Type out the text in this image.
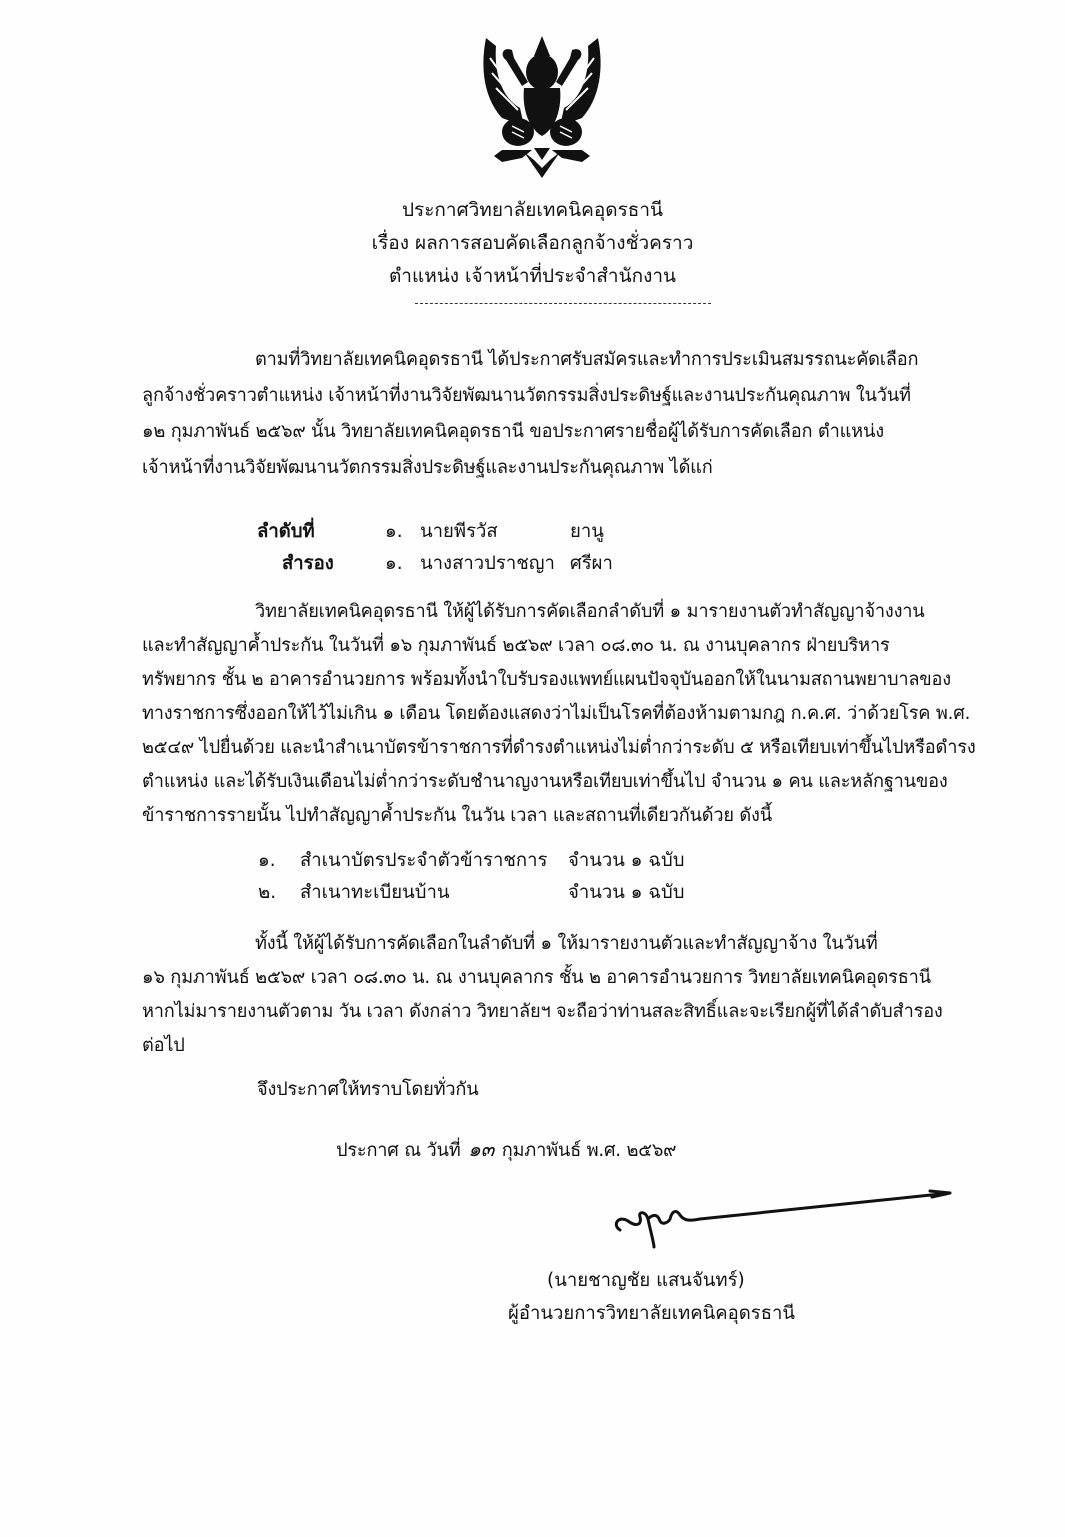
ประกาศวิทยาลัยเทคนิคอุดรธานี
เรื่อง ผลการสอบคัดเลือกลูกจ้างชั่วคราว
ตำแหน่ง เจ้าหน้าที่ประจำสำนักงาน
ตามที่วิทยาลัยเทคนิคอุดรธานี ได้ประกาศรับสมัครและทำการประเมินสมรรถนะคัดเลือก
ลูกจ้างชั่วคราวตำแหน่ง เจ้าหน้าที่งานวิจัยพัฒนานวัตกรรมสิ่งประดิษฐ์และงานประกันคุณภาพ ในวันที่
๑๒ กุมภาพันธ์ ๒๕๖๙ นั้น วิทยาลัยเทคนิคอุดรธานี ขอประกาศรายชื่อผู้ได้รับการคัดเลือก ตำแหน่ง
เจ้าหน้าที่งานวิจัยพัฒนานวัตกรรมสิ่งประดิษฐ์และงานประกันคุณภาพ ได้แก่
ลำดับที่	๑. นายพีรวัส	ยานู
สำรอง	๑. นางสาวปราชญา ศรีผา
วิทยาลัยเทคนิคอุดรธานี ให้ผู้ได้รับการคัดเลือกลำดับที่ ๑ มารายงานตัวทำสัญญาจ้างงาน
และทำสัญญาค้ำประกัน ในวันที่ ๑๖ กุมภาพันธ์ ๒๕๖๙ เวลา ๐๘.๓๐ น. ณ งานบุคลากร ฝ่ายบริหาร
ทรัพยากร ชั้น ๒ อาคารอำนวยการ พร้อมทั้งนำใบรับรองแพทย์แผนปัจจุบันออกให้ในนามสถานพยาบาลของ
ทางราชการซึ่งออกให้ไว้ไม่เกิน ๑ เดือน โดยต้องแสดงว่าไม่เป็นโรคที่ต้องห้ามตามกฎ ก.ค.ศ. ว่าด้วยโรค พ.ศ.
๒๕๔๙ ไปยื่นด้วย และนำสำเนาบัตรข้าราชการที่ดำรงตำแหน่งไม่ต่ำกว่าระดับ ๕ หรือเทียบเท่าขึ้นไปหรือดำรง
ตำแหน่ง และได้รับเงินเดือนไม่ต่ำกว่าระดับชำนาญงานหรือเทียบเท่าขึ้นไป จำนวน ๑ คน และหลักฐานของ
ข้าราชการรายนั้น ไปทำสัญญาค้ำประกัน ในวัน เวลา และสถานที่เดียวกันด้วย ดังนี้
๑. สำเนาบัตรประจำตัวข้าราชการ จำนวน ๑ ฉบับ
๒. สำเนาทะเบียนบ้าน	จำนวน ๑ ฉบับ
ทั้งนี้ ให้ผู้ได้รับการคัดเลือกในลำดับที่ ๑ ให้มารายงานตัวและทำสัญญาจ้าง ในวันที่
๑๖ กุมภาพันธ์ ๒๕๖๙ เวลา ๐๘.๓๐ น. ณ งานบุคลากร ชั้น ๒ อาคารอำนวยการ วิทยาลัยเทคนิคอุดรธานี
หากไม่มารายงานตัวตาม วัน เวลา ดังกล่าว วิทยาลัยฯ จะถือว่าท่านสละสิทธิ์และจะเรียกผู้ที่ได้ลำดับสำรอง
ต่อไป
จึงประกาศให้ทราบโดยทั่วกัน
ประกาศ ณ วันที่ ๑๓ กุมภาพันธ์ พ.ศ. ๒๕๖๙
(นายชาญชัย แสนจันทร์)
ผู้อำนวยการวิทยาลัยเทคนิคอุดรธานี
